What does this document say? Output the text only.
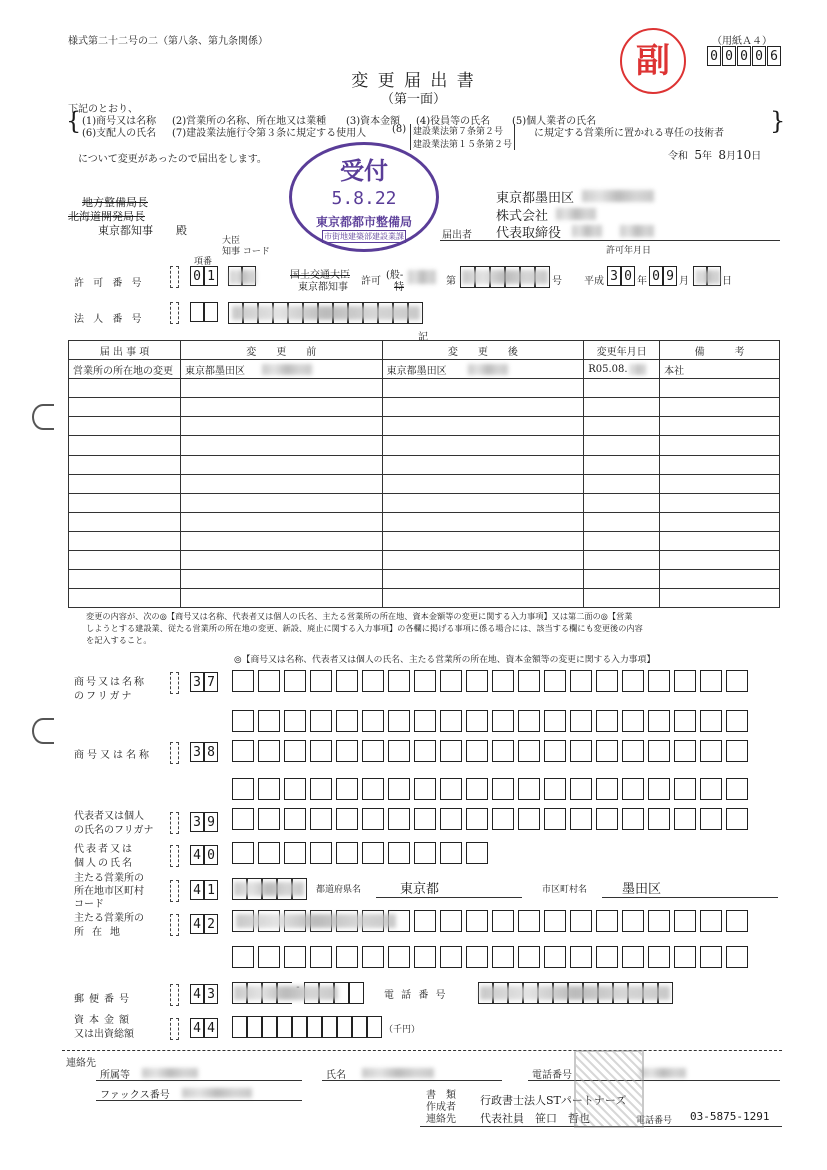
様式第二十二号の二（第八条、第九条関係）	（用紙Ａ４）
0 0 0 0 6
副
変 更 届 出 書
（第一面）
下記のとおり、
{ (1)商号又は名称 (2)営業所の名称、所在地又は業種 (3)資本金額 (4)役員等の氏名 (5)個人業者の氏名
(6)支配人の氏名 (7)建設業法施行令第３条に規定する使用人	(8) 建設業法第７条第２号
建設業法第１５条第２号
に規定する営業所に置かれる専任の技術者 }
について変更があったので届出をします。	令和 5年 8月10日
受付
5.8.22
東京都都市整備局
市街地建築部建設業課
地方整備局長
北海道開発局長
東京都知事 殿
東京都墨田区
株式会社
届出者 代表取締役
項番
大臣
知事 コード	許可年月日
許 可 番 号	0 1	国土交通大臣
東京都知事
許可
(般-
特
第	号 平成 3 0 年 0 9 月	日
法 人 番 号
記
届 出 事 項	変　　更　　前	変　　更　　後	変更年月日	備　　　考
営業所の所在地の変更	東京都墨田区	東京都墨田区	R05.08.	本社

変更の内容が、次の◎【商号又は名称、代表者又は個人の氏名、主たる営業所の所在地、資本金額等の変更に関する入力事項】又は第二面の◎【営業
しようとする建設業、従たる営業所の所在地の変更、新設、廃止に関する入力事項】の各欄に掲げる事項に係る場合には、該当する欄にも変更後の内容
を記入すること。
◎【商号又は名称、代表者又は個人の氏名、主たる営業所の所在地、資本金額等の変更に関する入力事項】
商号又は名称
のフリガナ
3 7
商号又は名称	3 8
代表者又は個人
の氏名のフリガナ
3 9
代表者又は
個人の氏名
4 0
主たる営業所の
所在地市区町村
コード
4 1	都道府県名	東京都	市区町村名	墨田区
主たる営業所の
所在地
4 2
郵便番号	4 3	電 話 番 号
資本金額
又は出資総額	4 4	（千円）
連絡先
所属等	氏名	電話番号
ファックス番号	書　類
作成者
連絡先
行政書士法人STパートナーズ
代表社員　笹口　哲也	電話番号 03-5875-1291
